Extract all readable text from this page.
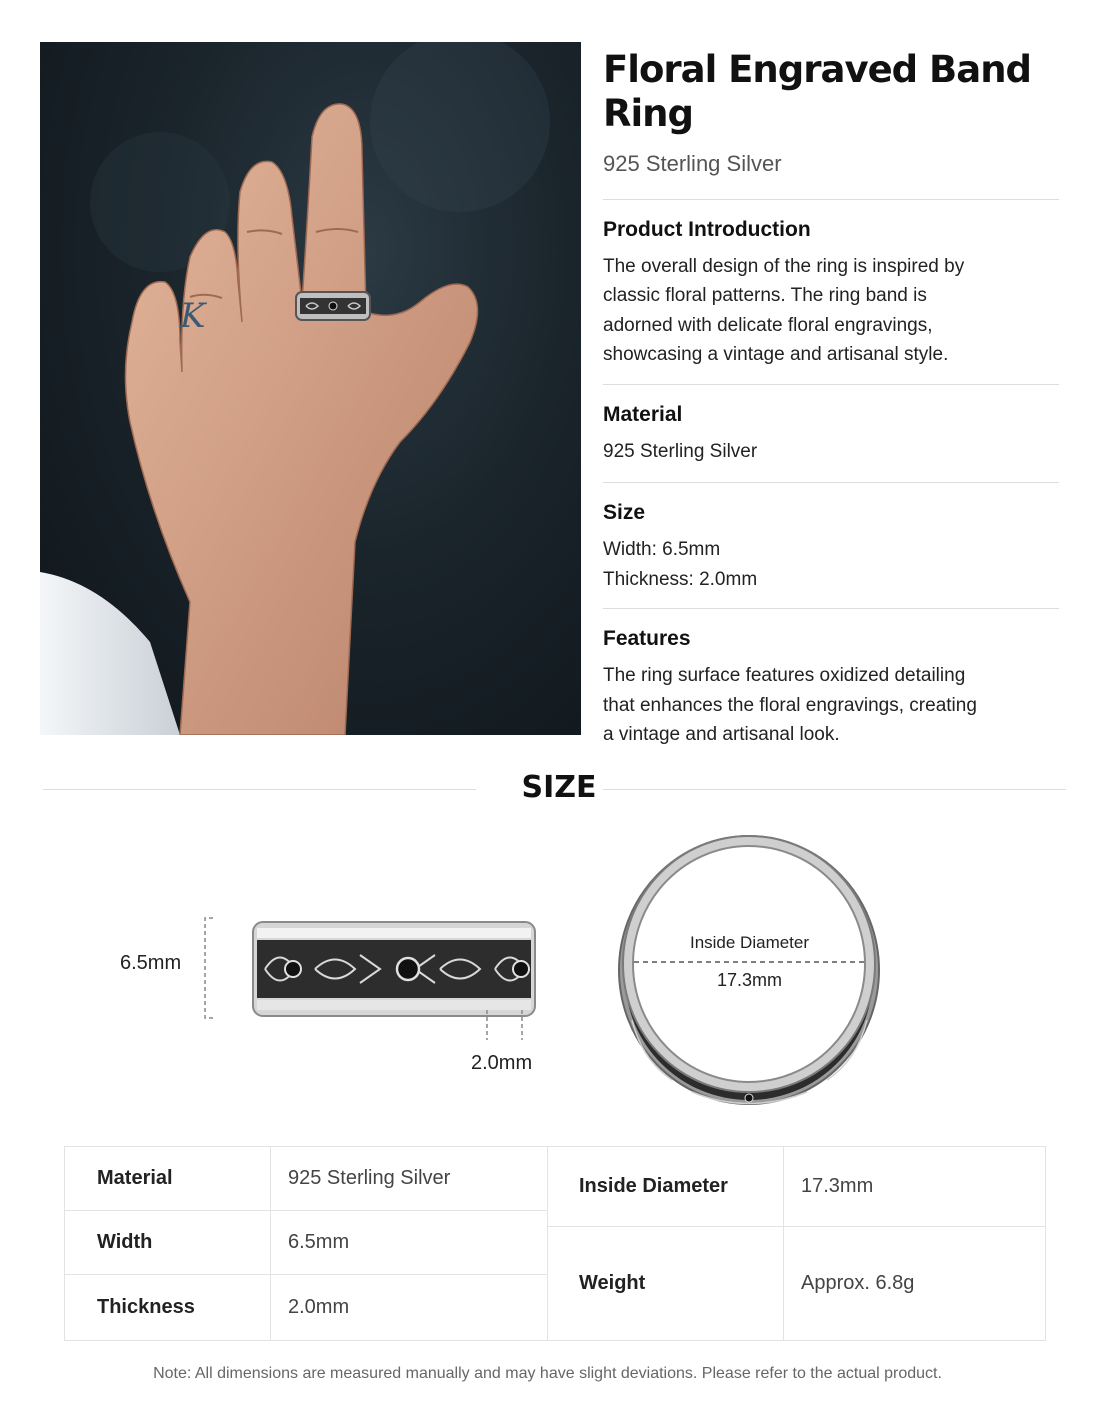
K
Floral Engraved Band Ring
925 Sterling Silver
Product Introduction
The overall design of the ring is inspired by
classic floral patterns. The ring band is
adorned with delicate floral engravings,
showcasing a vintage and artisanal style.
Material
925 Sterling Silver
Size
Width: 6.5mm
Thickness: 2.0mm
Features
The ring surface features oxidized detailing
that enhances the floral engravings, creating
a vintage and artisanal look.
SIZE
6.5mm
2.0mm
Inside Diameter
17.3mm
Material	925 Sterling Silver
Width	6.5mm
Thickness	2.0mm
Inside Diameter	17.3mm
Weight	Approx. 6.8g
Note: All dimensions are measured manually and may have slight deviations. Please refer to the actual product.
